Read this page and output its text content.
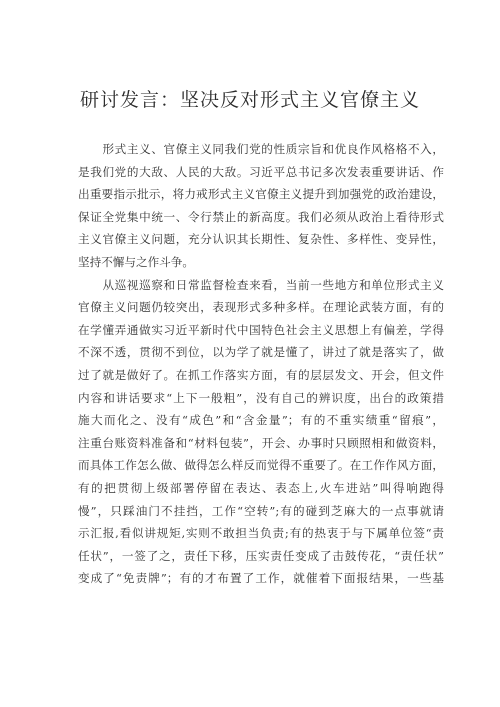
研讨发言：坚决反对形式主义官僚主义
　　形式主义、官僚主义同我们党的性质宗旨和优良作风格格不入，
是我们党的大敌、人民的大敌。习近平总书记多次发表重要讲话、作
出重要指示批示，将力戒形式主义官僚主义提升到加强党的政治建设，
保证全党集中统一、令行禁止的新高度。我们必须从政治上看待形式
主义官僚主义问题，充分认识其长期性、复杂性、多样性、变异性，
坚持不懈与之作斗争。
　　从巡视巡察和日常监督检查来看，当前一些地方和单位形式主义
官僚主义问题仍较突出，表现形式多种多样。在理论武装方面，有的
在学懂弄通做实习近平新时代中国特色社会主义思想上有偏差，学得
不深不透，贯彻不到位，以为学了就是懂了，讲过了就是落实了，做
过了就是做好了。在抓工作落实方面，有的层层发文、开会，但文件
内容和讲话要求“上下一般粗”，没有自己的辨识度，出台的政策措
施大而化之、没有“成色”和“含金量”；有的不重实绩重“留痕”，
注重台账资料准备和“材料包装”，开会、办事时只顾照相和做资料，
而具体工作怎么做、做得怎么样反而觉得不重要了。在工作作风方面，
有的把贯彻上级部署停留在表达、表态上,火车进站”叫得响跑得
慢”，只踩油门不挂挡，工作“空转”;有的碰到芝麻大的一点事就请
示汇报,看似讲规矩,实则不敢担当负责;有的热衷于与下属单位签“责
任状”，一签了之，责任下移，压实责任变成了击鼓传花，“责任状”
变成了“免责牌”；有的才布置了工作，就催着下面报结果，一些基
